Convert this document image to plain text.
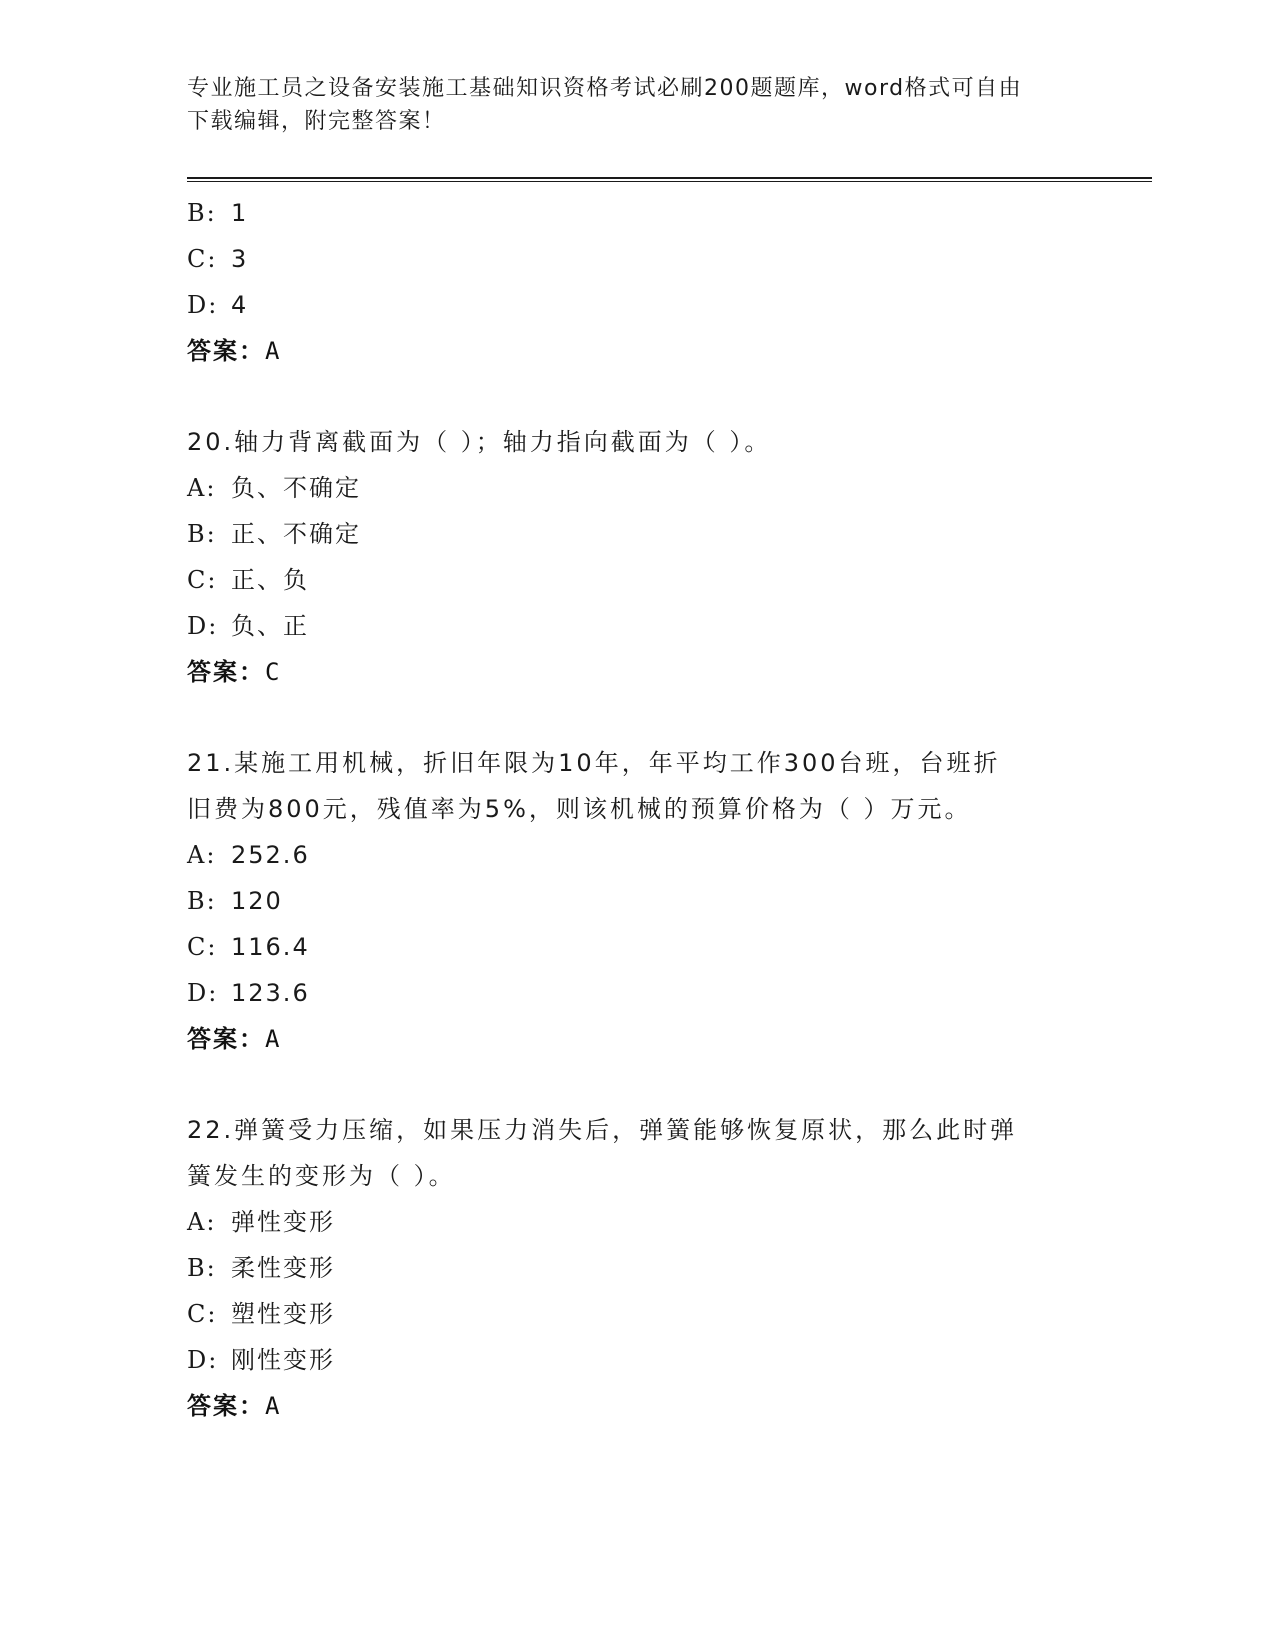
专业施工员之设备安装施工基础知识资格考试必刷200题题库，word格式可自由
下载编辑，附完整答案！
B: 1
C: 3
D: 4
答案：A
20.轴力背离截面为（ ）；轴力指向截面为（ ）。
A: 负、不确定
B: 正、不确定
C: 正、负
D: 负、正
答案：C
21.某施工用机械，折旧年限为10年，年平均工作300台班，台班折
旧费为800元，残值率为5%，则该机械的预算价格为（ ）万元。
A: 252.6
B: 120
C: 116.4
D: 123.6
答案：A
22.弹簧受力压缩，如果压力消失后，弹簧能够恢复原状，那么此时弹
簧发生的变形为（ ）。
A: 弹性变形
B: 柔性变形
C: 塑性变形
D: 刚性变形
答案：A
